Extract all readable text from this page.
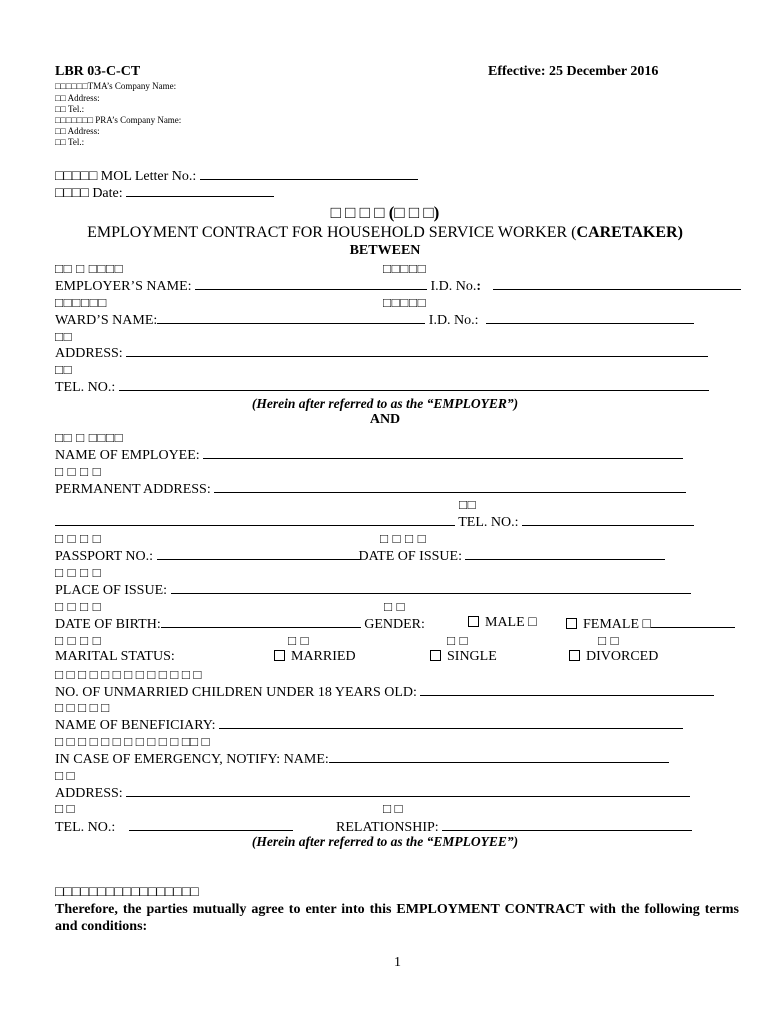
LBR 03-C-CT	Effective: 25 December 2016
□□□□□□TMA’s Company Name:
□□ Address:
□□ Tel.:
□□□□□□□ PRA’s Company Name:
□□ Address:
□□ Tel.:
□□□□□ MOL Letter No.:
□□□□ Date:
□ □ □ □ (□ □ □)
EMPLOYMENT CONTRACT FOR HOUSEHOLD SERVICE WORKER (CARETAKER)
BETWEEN
□□ □ □□□□	□□□□□
EMPLOYER’S NAME:	I.D. No.:
□□□□□□	□□□□□
WARD’S NAME:	I.D. No.:
□□
ADDRESS:
□□
TEL. NO.:
(Herein after referred to as the “EMPLOYER”)
AND
□□ □ □□□□
NAME OF EMPLOYEE:
□ □ □ □
PERMANENT ADDRESS:
□□
TEL. NO.:
□ □ □ □	□ □ □ □
PASSPORT NO.:	DATE OF ISSUE:
□ □ □ □
PLACE OF ISSUE:
□ □ □ □	□ □
DATE OF BIRTH:	GENDER:	MALE □	FEMALE □
□ □ □ □	□ □	□ □	□ □
MARITAL STATUS:	MARRIED	SINGLE	DIVORCED
□ □ □ □ □ □ □ □ □ □ □ □ □
NO. OF UNMARRIED CHILDREN UNDER 18 YEARS OLD:
□ □ □ □ □
NAME OF BENEFICIARY:
□ □ □ □ □ □ □ □ □ □ □ □□ □
IN CASE OF EMERGENCY, NOTIFY: NAME:
□ □
ADDRESS:
□ □	□ □
TEL. NO.:	RELATIONSHIP:
(Herein after referred to as the “EMPLOYEE”)
□□□□□□□□□□□□□□□□□
Therefore, the parties mutually agree to enter into this EMPLOYMENT CONTRACT with the following terms and conditions:
1
